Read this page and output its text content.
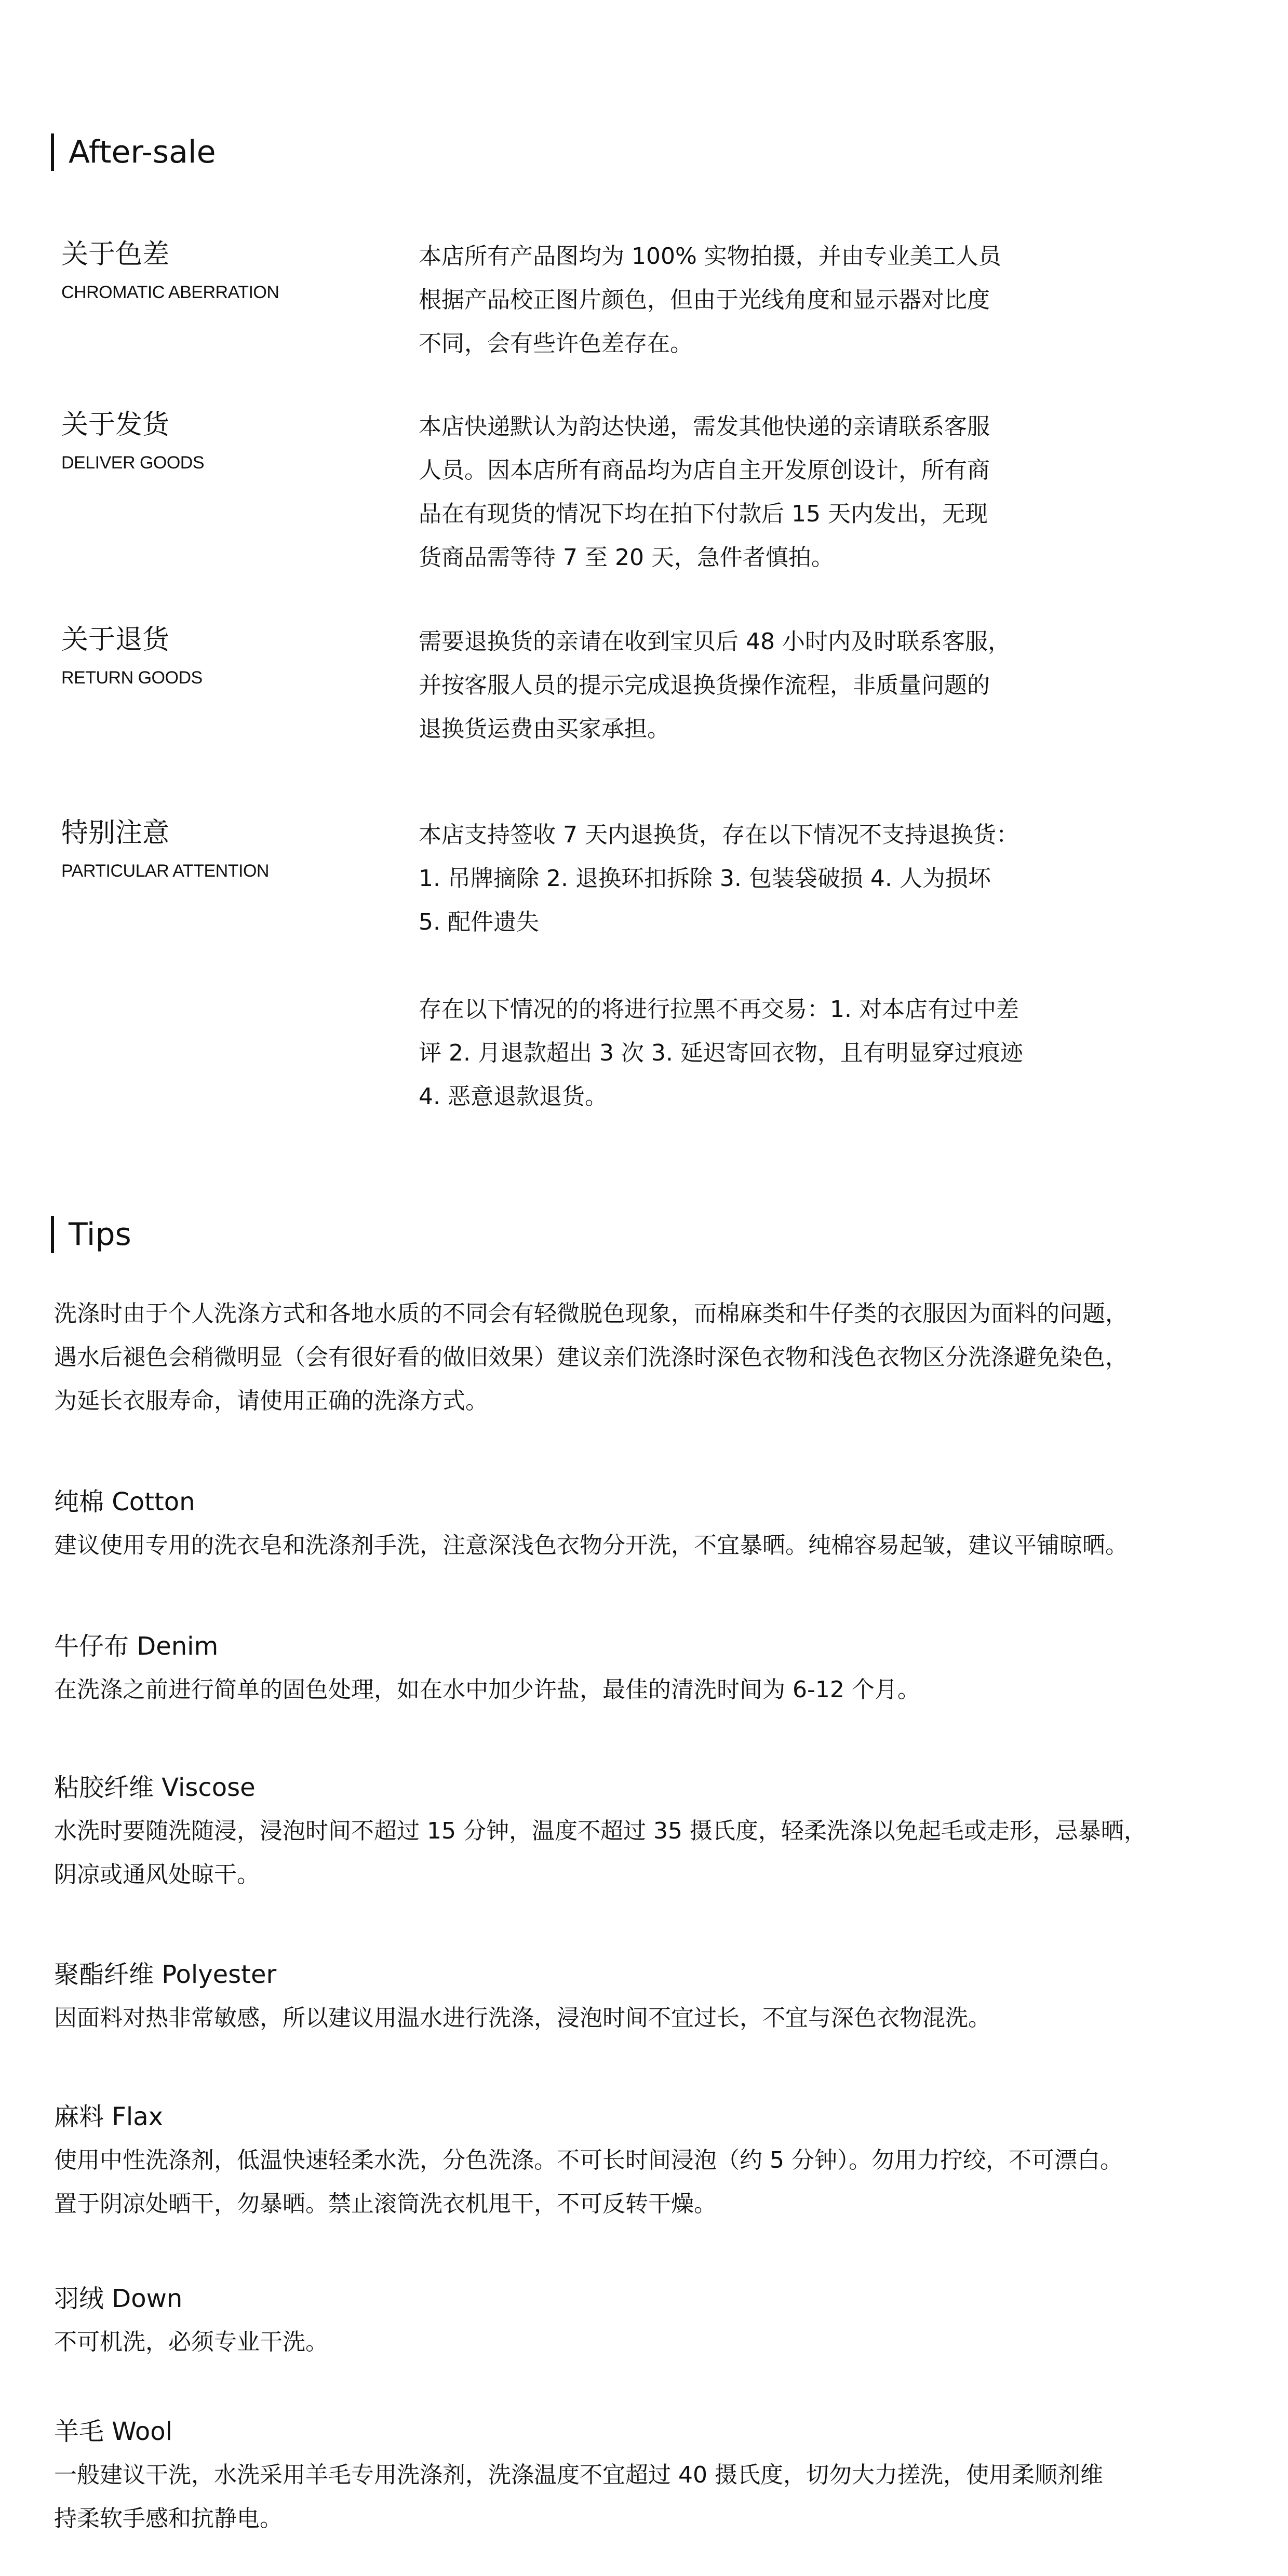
After-sale
关于色差
CHROMATIC ABERRATION
本店所有产品图均为 100% 实物拍摄，并由专业美工人员
根据产品校正图片颜色，但由于光线角度和显示器对比度
不同，会有些许色差存在。
关于发货
DELIVER GOODS
本店快递默认为韵达快递，需发其他快递的亲请联系客服
人员。因本店所有商品均为店自主开发原创设计，所有商
品在有现货的情况下均在拍下付款后 15 天内发出，无现
货商品需等待 7 至 20 天，急件者慎拍。
关于退货
RETURN GOODS
需要退换货的亲请在收到宝贝后 48 小时内及时联系客服，
并按客服人员的提示完成退换货操作流程，非质量问题的
退换货运费由买家承担。
特别注意
PARTICULAR ATTENTION
本店支持签收 7 天内退换货，存在以下情况不支持退换货：
1. 吊牌摘除 2. 退换环扣拆除 3. 包装袋破损 4. 人为损坏
5. 配件遗失
存在以下情况的的将进行拉黑不再交易：1. 对本店有过中差
评 2. 月退款超出 3 次 3. 延迟寄回衣物，且有明显穿过痕迹
4. 恶意退款退货。
Tips
洗涤时由于个人洗涤方式和各地水质的不同会有轻微脱色现象，而棉麻类和牛仔类的衣服因为面料的问题，
遇水后褪色会稍微明显（会有很好看的做旧效果）建议亲们洗涤时深色衣物和浅色衣物区分洗涤避免染色，
为延长衣服寿命，请使用正确的洗涤方式。
纯棉 Cotton
建议使用专用的洗衣皂和洗涤剂手洗，注意深浅色衣物分开洗，不宜暴晒。纯棉容易起皱，建议平铺晾晒。
牛仔布 Denim
在洗涤之前进行简单的固色处理，如在水中加少许盐，最佳的清洗时间为 6-12 个月。
粘胶纤维 Viscose
水洗时要随洗随浸，浸泡时间不超过 15 分钟，温度不超过 35 摄氏度，轻柔洗涤以免起毛或走形，忌暴晒，
阴凉或通风处晾干。
聚酯纤维 Polyester
因面料对热非常敏感，所以建议用温水进行洗涤，浸泡时间不宜过长，不宜与深色衣物混洗。
麻料 Flax
使用中性洗涤剂，低温快速轻柔水洗，分色洗涤。不可长时间浸泡（约 5 分钟）。勿用力拧绞，不可漂白。
置于阴凉处晒干，勿暴晒。禁止滚筒洗衣机甩干，不可反转干燥。
羽绒 Down
不可机洗，必须专业干洗。
羊毛 Wool
一般建议干洗，水洗采用羊毛专用洗涤剂，洗涤温度不宜超过 40 摄氏度，切勿大力搓洗，使用柔顺剂维
持柔软手感和抗静电。
